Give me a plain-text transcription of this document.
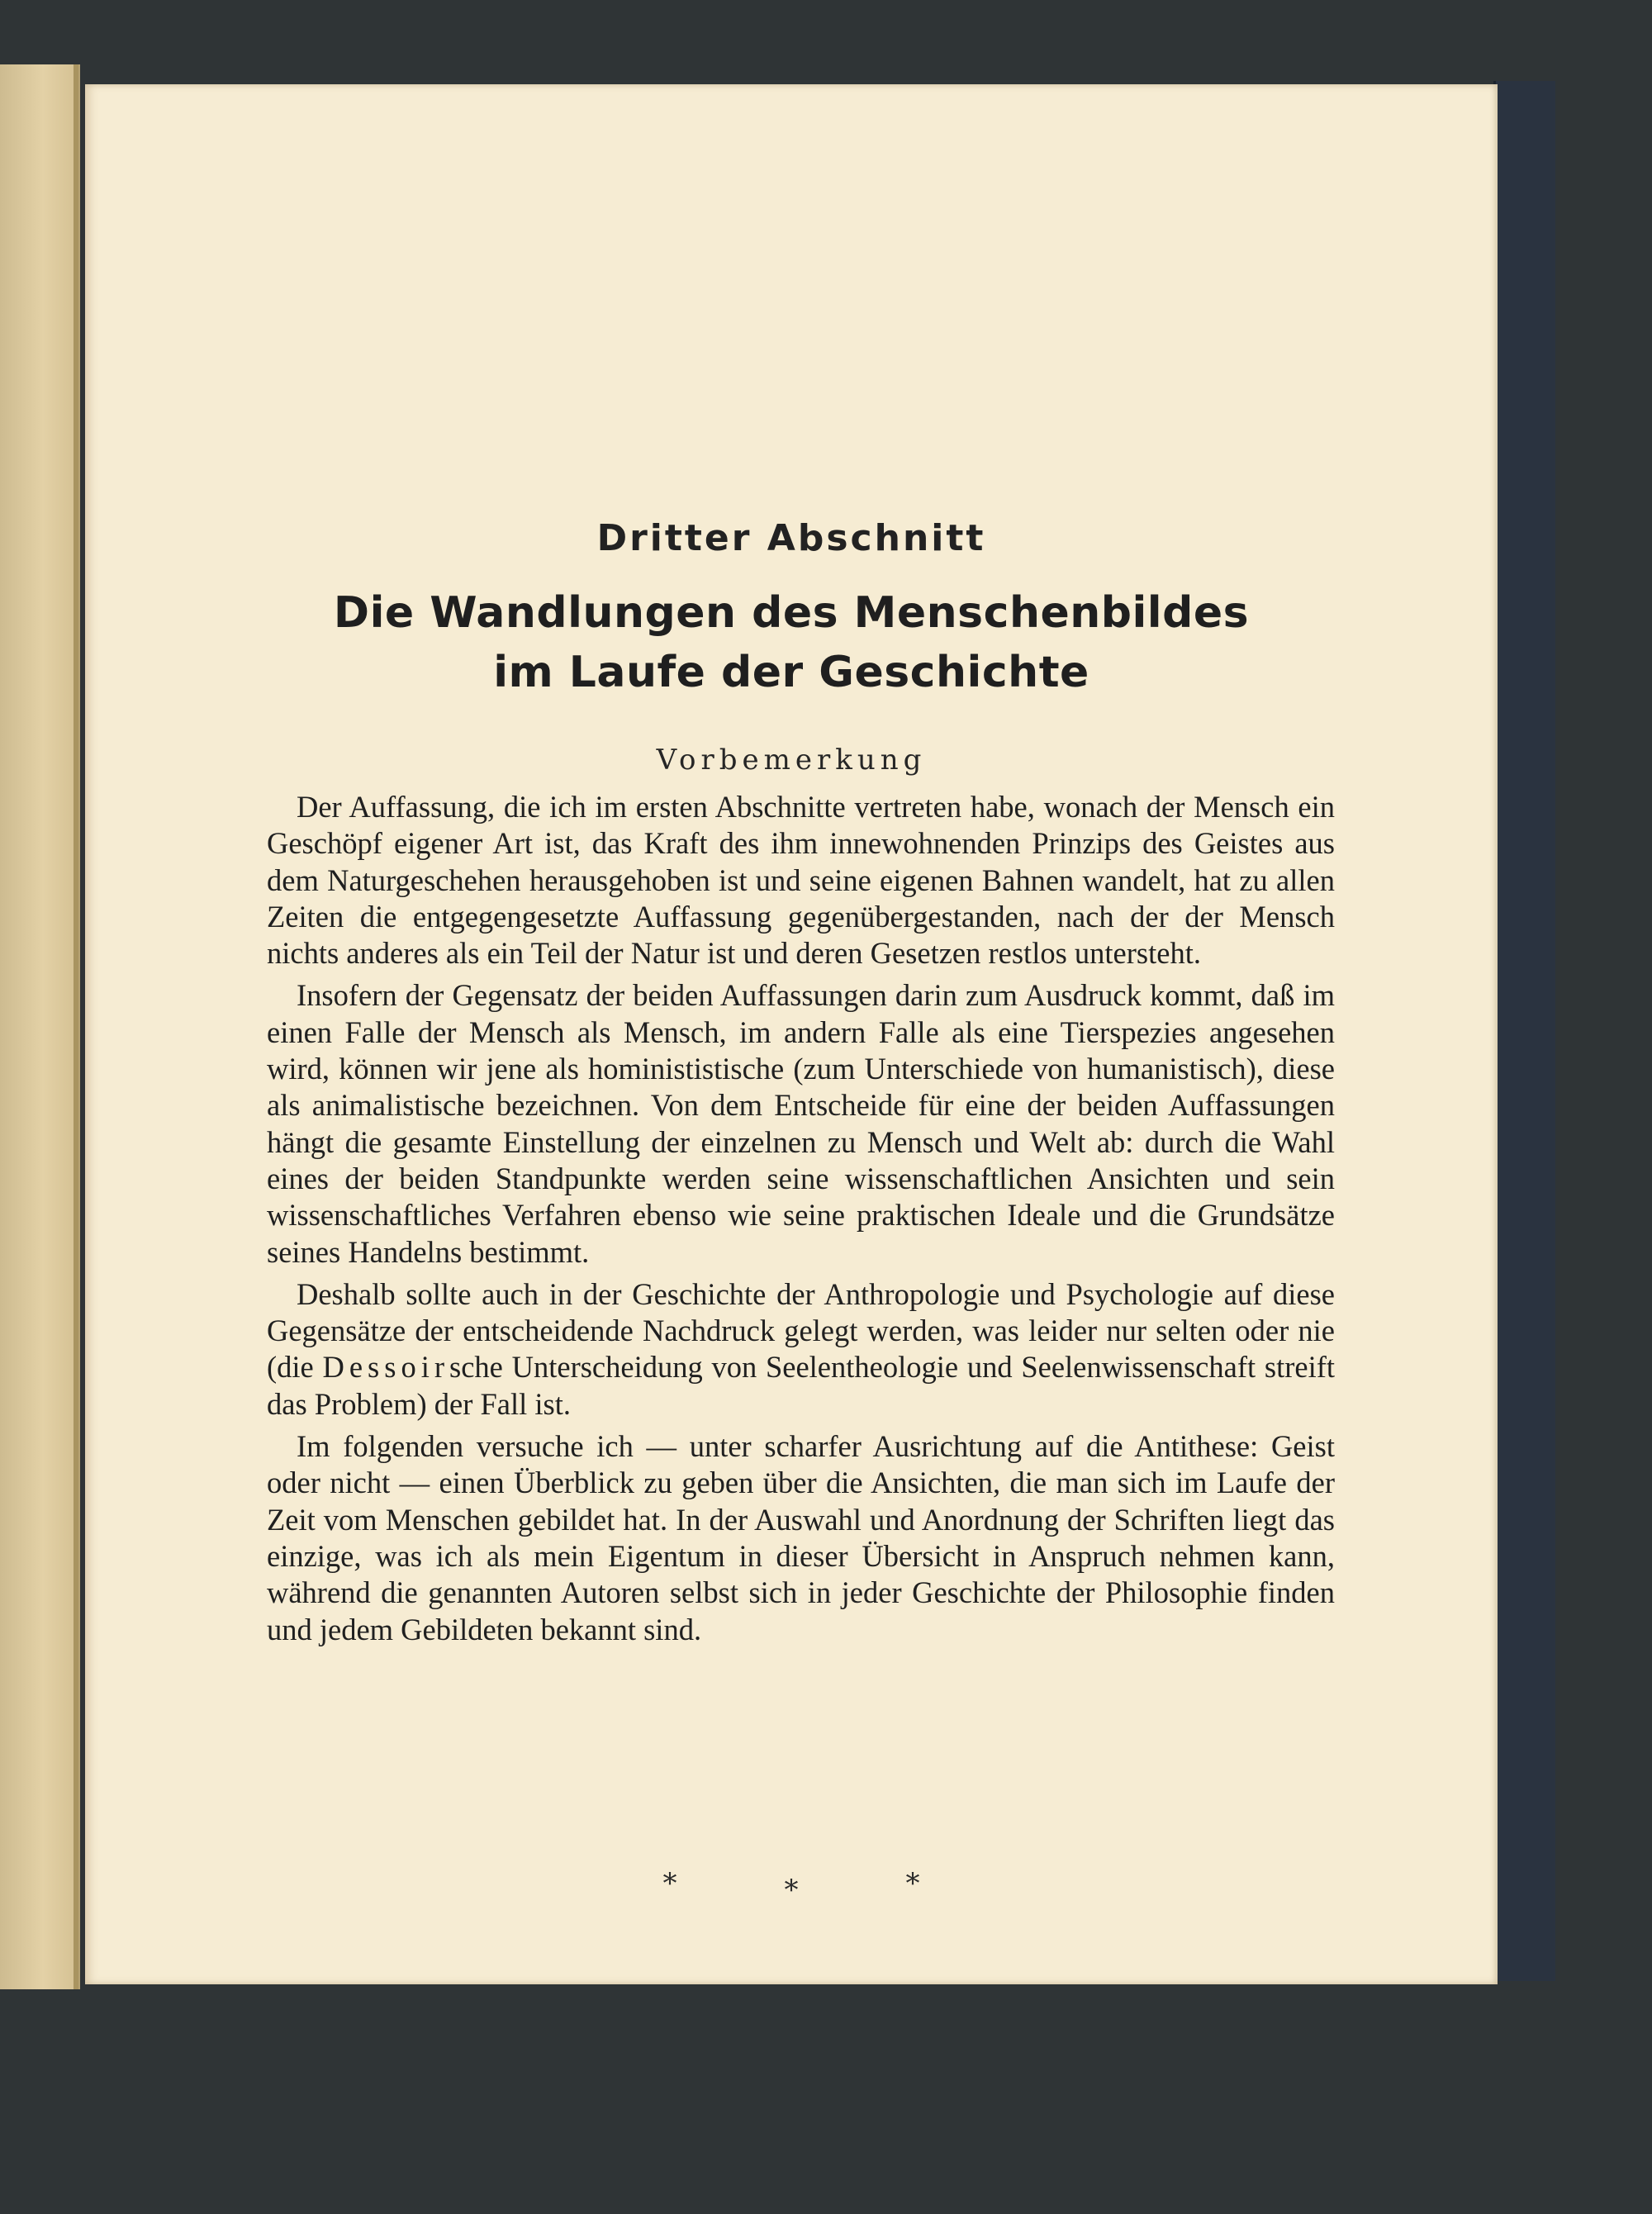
Dritter Abschnitt
Die Wandlungen des Menschenbildes
im Laufe der Geschichte
Vorbemerkung

Der Auffassung, die ich im ersten Abschnitte vertreten habe, wonach der Mensch ein Geschöpf eigener Art ist, das Kraft des ihm innewohnenden Prinzips des Geistes aus dem Naturgeschehen herausgehoben ist und seine eigenen Bahnen wandelt, hat zu allen Zeiten die entgegengesetzte Auffassung gegenübergestanden, nach der der Mensch nichts anderes als ein Teil der Natur ist und deren Gesetzen restlos untersteht.

Insofern der Gegensatz der beiden Auffassungen darin zum Ausdruck kommt, daß im einen Falle der Mensch als Mensch, im andern Falle als eine Tierspezies angesehen wird, können wir jene als hominististische (zum Unterschiede von humanistisch), diese als animalistische bezeichnen. Von dem Entscheide für eine der beiden Auffassungen hängt die gesamte Einstellung der einzelnen zu Mensch und Welt ab: durch die Wahl eines der beiden Standpunkte werden seine wissenschaftlichen Ansichten und sein wissenschaftliches Verfahren ebenso wie seine praktischen Ideale und die Grundsätze seines Handelns bestimmt.

Deshalb sollte auch in der Geschichte der Anthropologie und Psychologie auf diese Gegensätze der entscheidende Nachdruck gelegt werden, was leider nur selten oder nie (die Dessoirsche Unterscheidung von Seelentheologie und Seelenwissenschaft streift das Problem) der Fall ist.

Im folgenden versuche ich — unter scharfer Ausrichtung auf die Antithese: Geist oder nicht — einen Überblick zu geben über die Ansichten, die man sich im Laufe der Zeit vom Menschen gebildet hat. In der Auswahl und Anordnung der Schriften liegt das einzige, was ich als mein Eigentum in dieser Übersicht in Anspruch nehmen kann, während die genannten Autoren selbst sich in jeder Geschichte der Philosophie finden und jedem Gebildeten bekannt sind.

*	*	*
